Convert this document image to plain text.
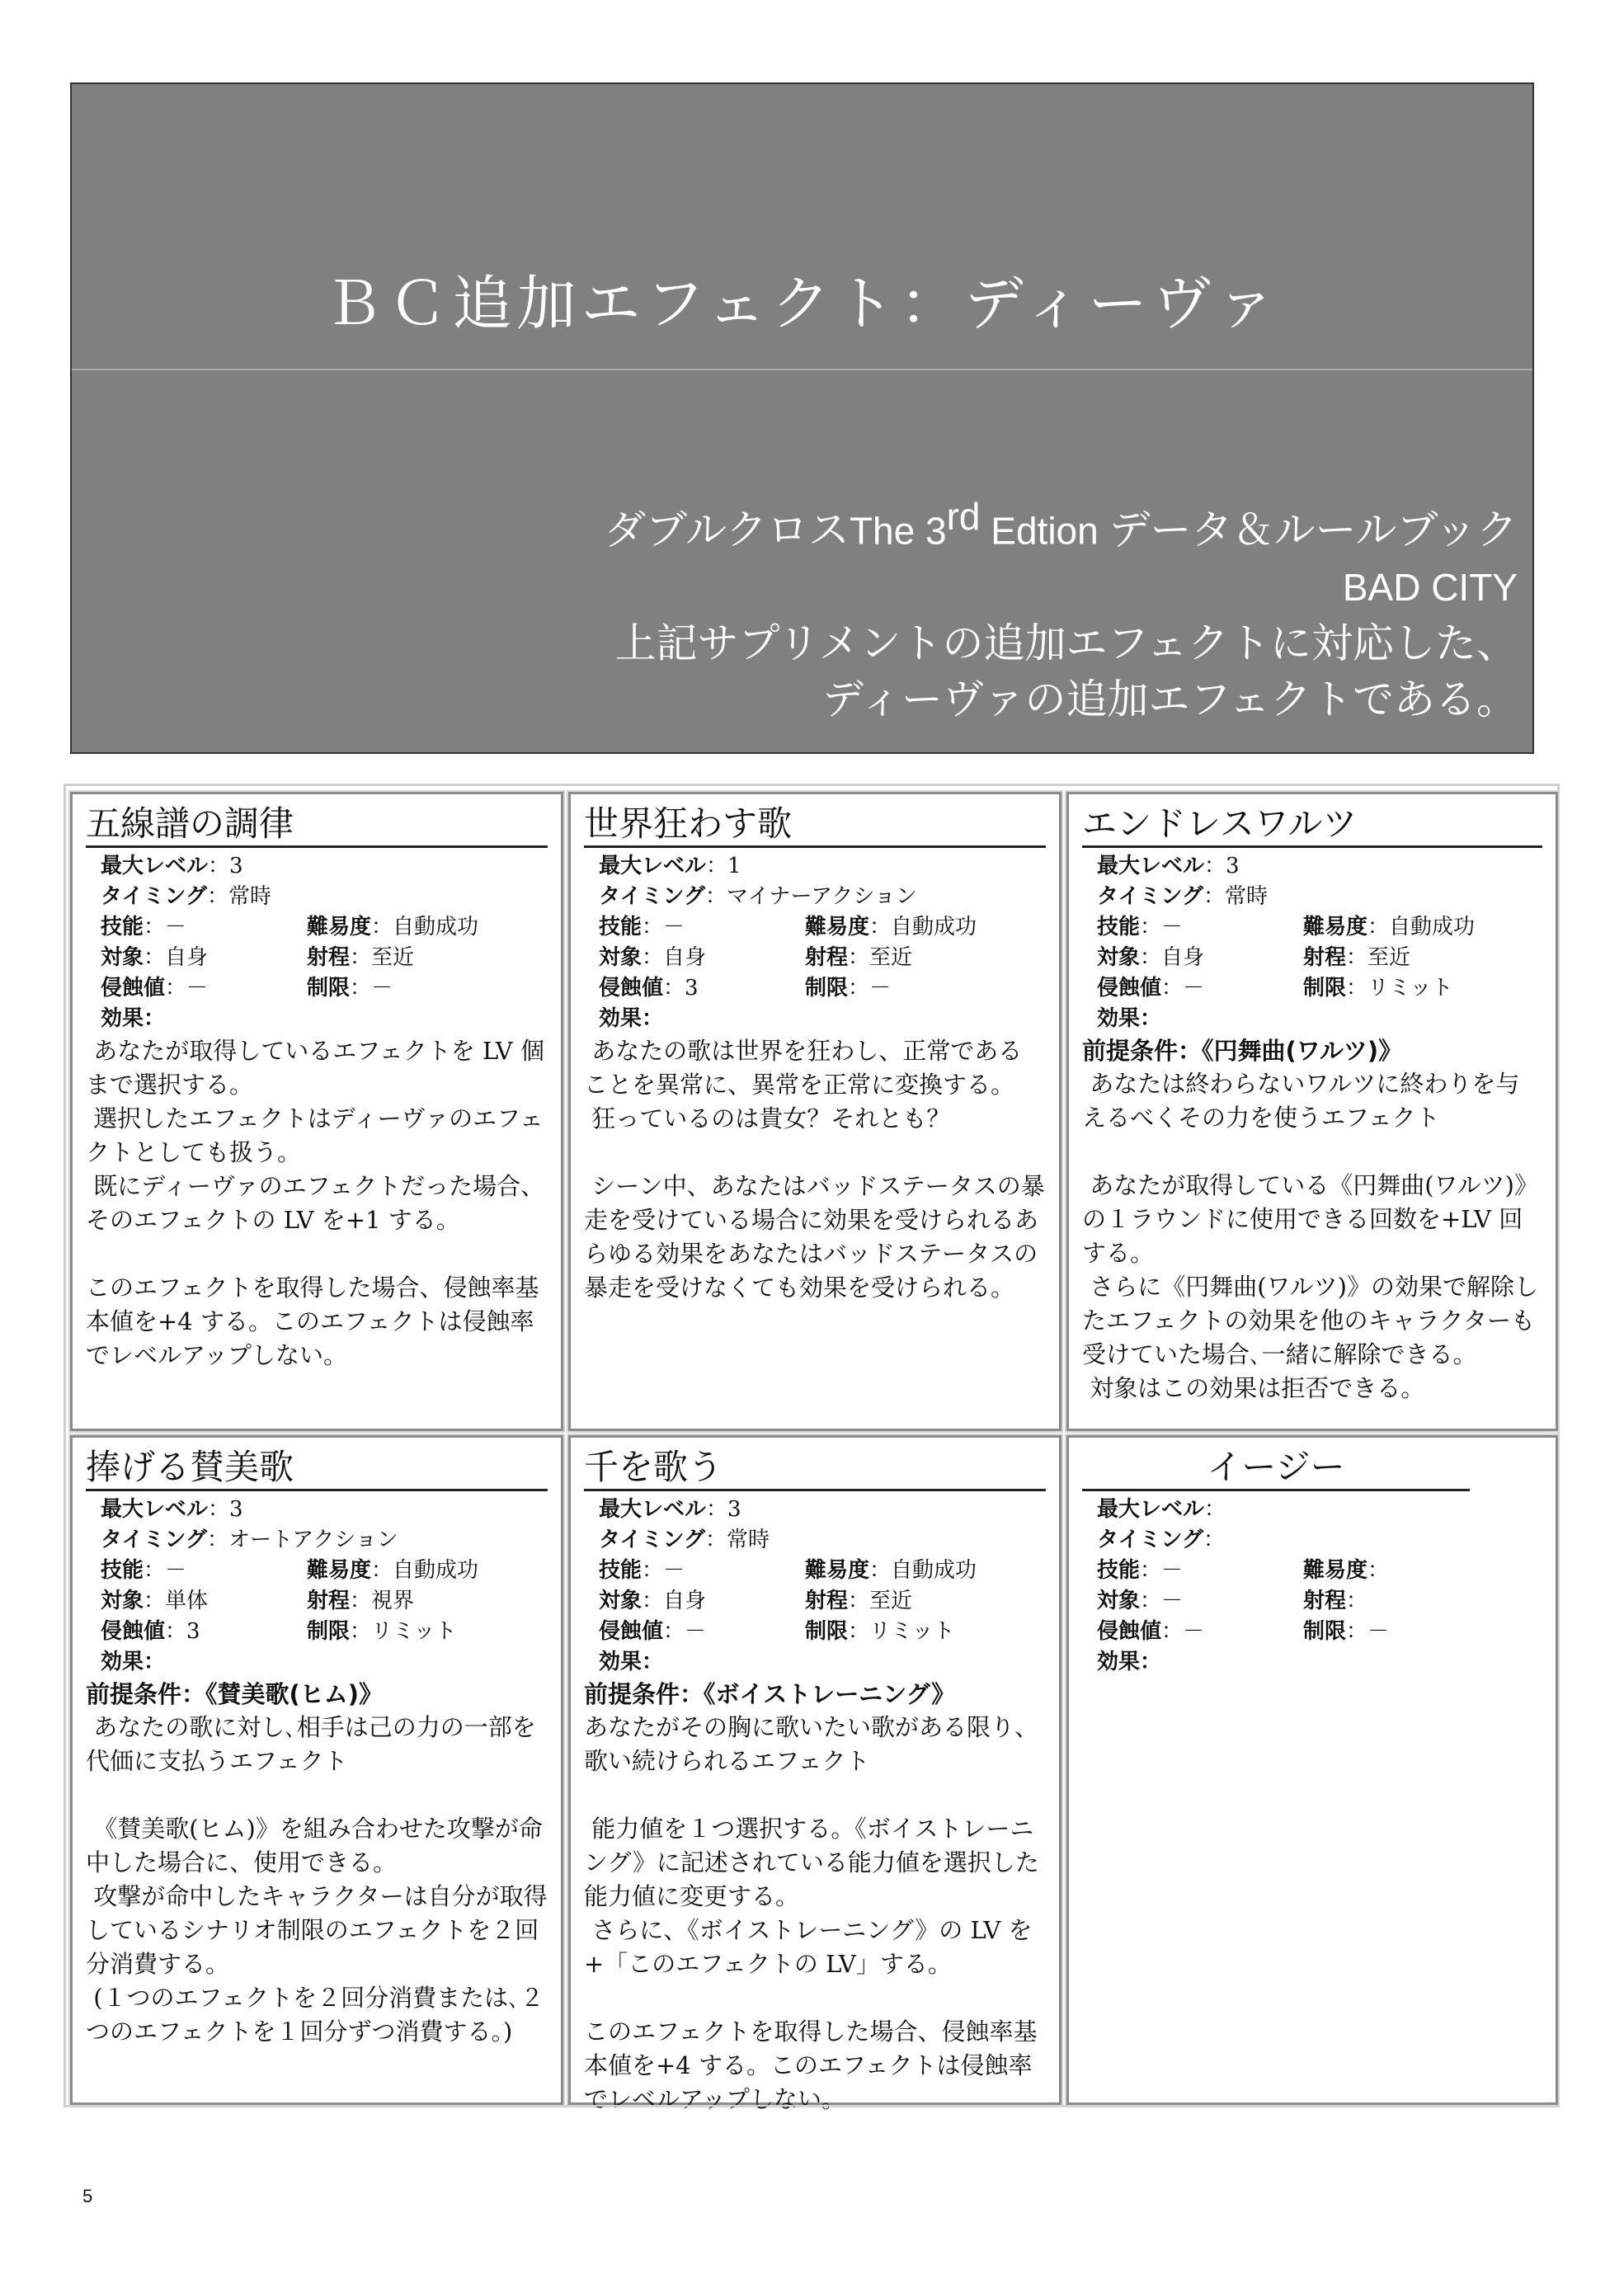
ＢＣ追加エフェクト：ディーヴァ
ダブルクロスThe 3rd Edtion データ＆ルールブック
BAD CITY
上記サプリメントの追加エフェクトに対応した、
ディーヴァの追加エフェクトである。
五線譜の調律
最大レベル：3
タイミング：常時
技能：－	難易度：自動成功
対象：自身	射程：至近
侵蝕値：－	制限：－
効果：

あなたが取得しているエフェクトを LV 個まで選択する。

選択したエフェクトはディーヴァのエフェクトとしても扱う。

既にディーヴァのエフェクトだった場合、そのエフェクトの LV を+1 する。

このエフェクトを取得した場合、侵蝕率基本値を+4 する。このエフェクトは侵蝕率でレベルアップしない。

世界狂わす歌
最大レベル：1
タイミング：マイナーアクション
技能：－	難易度：自動成功
対象：自身	射程：至近
侵蝕値：3	制限：－
効果：

あなたの歌は世界を狂わし、正常であることを異常に、異常を正常に変換する。

狂っているのは貴女？それとも？

シーン中、あなたはバッドステータスの暴走を受けている場合に効果を受けられるあらゆる効果をあなたはバッドステータスの暴走を受けなくても効果を受けられる。

エンドレスワルツ
最大レベル：3
タイミング：常時
技能：－	難易度：自動成功
対象：自身	射程：至近
侵蝕値：－	制限：リミット
効果：
前提条件：《円舞曲(ワルツ)》

あなたは終わらないワルツに終わりを与えるべくその力を使うエフェクト

あなたが取得している《円舞曲(ワルツ)》の１ラウンドに使用できる回数を+LV 回する。

さらに《円舞曲(ワルツ)》の効果で解除したエフェクトの効果を他のキャラクターも受けていた場合､一緒に解除できる。

対象はこの効果は拒否できる。

捧げる賛美歌
最大レベル：3
タイミング：オートアクション
技能：－	難易度：自動成功
対象：単体	射程：視界
侵蝕値：3	制限：リミット
効果：
前提条件：《賛美歌(ヒム)》

あなたの歌に対し､相手は己の力の一部を代価に支払うエフェクト

《賛美歌(ヒム)》を組み合わせた攻撃が命中した場合に、使用できる。

攻撃が命中したキャラクターは自分が取得しているシナリオ制限のエフェクトを２回分消費する。

(１つのエフェクトを２回分消費または､２つのエフェクトを１回分ずつ消費する。)

千を歌う
最大レベル：3
タイミング：常時
技能：－	難易度：自動成功
対象：自身	射程：至近
侵蝕値：－	制限：リミット
効果：
前提条件：《ボイストレーニング》

あなたがその胸に歌いたい歌がある限り、歌い続けられるエフェクト

能力値を１つ選択する。《ボイストレーニング》に記述されている能力値を選択した能力値に変更する。

さらに、《ボイストレーニング》の LV を+「このエフェクトの LV」する。

このエフェクトを取得した場合、侵蝕率基本値を+4 する。このエフェクトは侵蝕率でレベルアップしない。

イージー
最大レベル：
タイミング：
技能：－	難易度：
対象：－	射程：
侵蝕値：－	制限：－
効果：
5
